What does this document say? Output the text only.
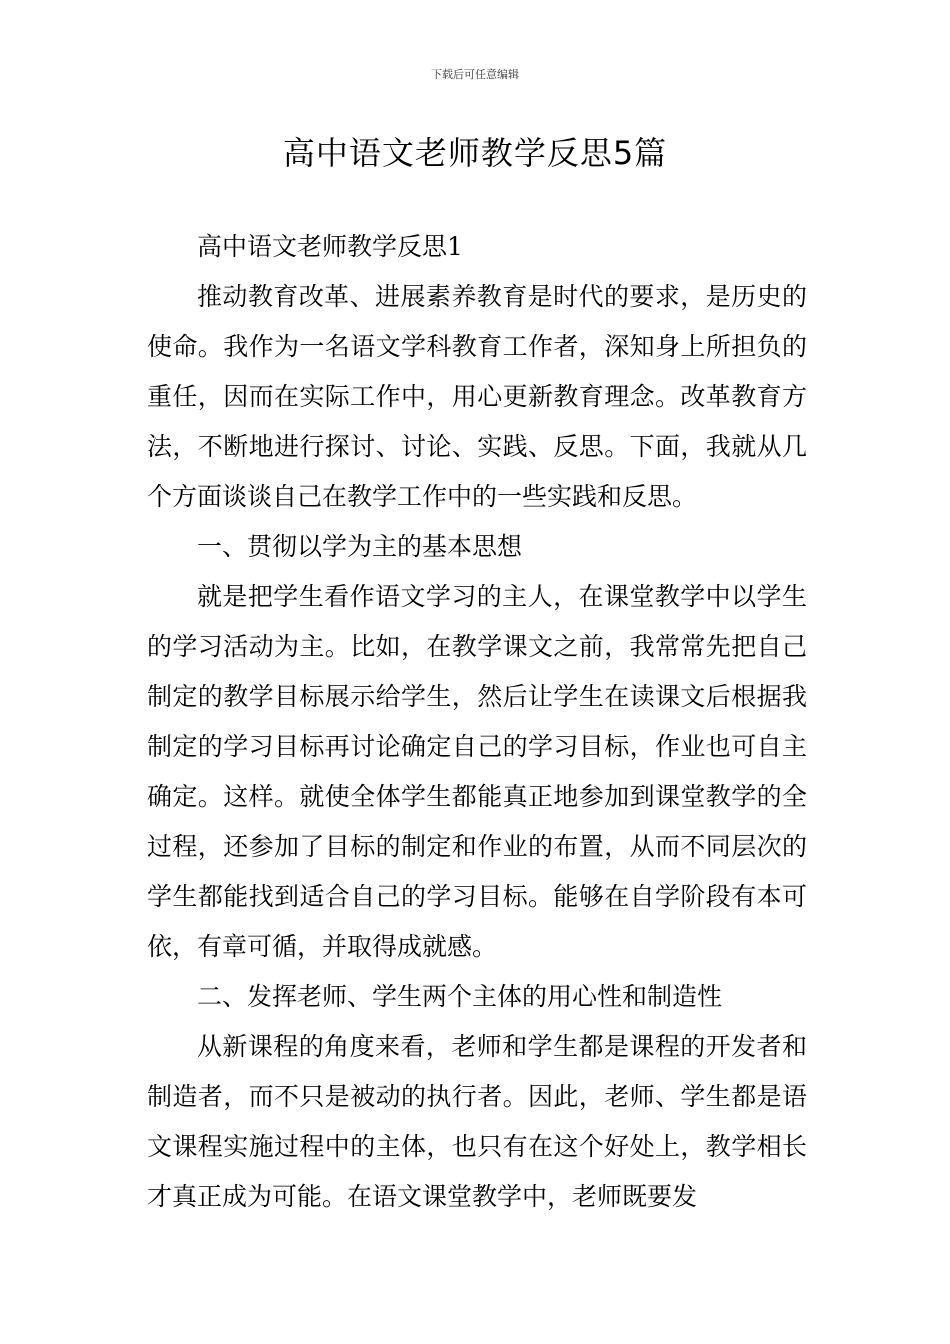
下载后可任意编辑
高中语文老师教学反思5篇

高中语文老师教学反思1

推动教育改革、进展素养教育是时代的要求，是历史的使命。我作为一名语文学科教育工作者，深知身上所担负的重任，因而在实际工作中，用心更新教育理念。改革教育方法，不断地进行探讨、讨论、实践、反思。下面，我就从几个方面谈谈自己在教学工作中的一些实践和反思。

一、贯彻以学为主的基本思想

就是把学生看作语文学习的主人，在课堂教学中以学生的学习活动为主。比如，在教学课文之前，我常常先把自己制定的教学目标展示给学生，然后让学生在读课文后根据我制定的学习目标再讨论确定自己的学习目标，作业也可自主确定。这样。就使全体学生都能真正地参加到课堂教学的全过程，还参加了目标的制定和作业的布置，从而不同层次的学生都能找到适合自己的学习目标。能够在自学阶段有本可依，有章可循，并取得成就感。

二、发挥老师、学生两个主体的用心性和制造性

从新课程的角度来看，老师和学生都是课程的开发者和制造者，而不只是被动的执行者。因此，老师、学生都是语文课程实施过程中的主体，也只有在这个好处上，教学相长才真正成为可能。在语文课堂教学中，老师既要发
